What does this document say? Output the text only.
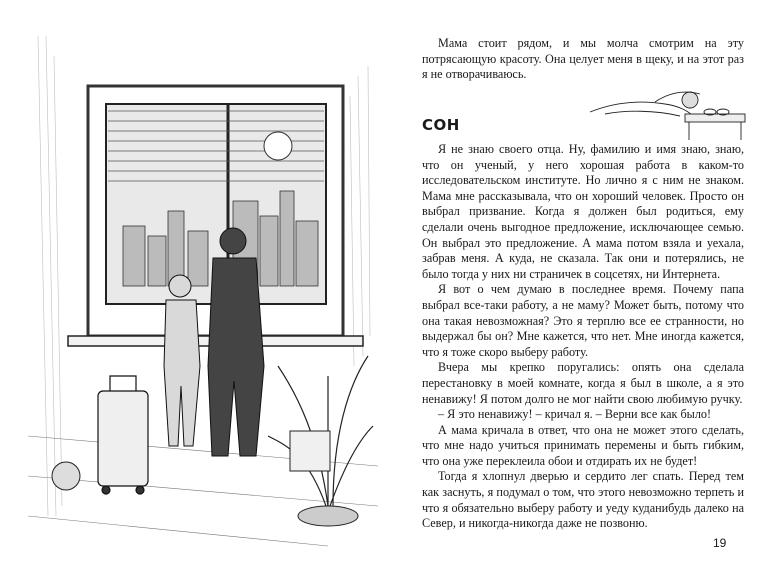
Мама стоит рядом, и мы молча смотрим на эту потрясающую красоту. Она целует меня в щеку, и на этот раз я не отворачиваюсь.

СОН

Я не знаю своего отца. Ну, фамилию и имя знаю, знаю, что он ученый, у него хорошая работа в каком-то исследовательском институте. Но лично я с ним не знаком. Мама мне рассказывала, что он хороший человек. Просто он выбрал призвание. Когда я должен был родиться, ему сделали очень выгодное предложение, исключающее семью. Он выбрал это предложение. А мама потом взяла и уехала, забрав меня. А куда, не сказала. Так они и потерялись, не было тогда у них ни страничек в соцсетях, ни Интернета.

Я вот о чем думаю в последнее время. Почему папа выбрал все-таки работу, а не маму? Может быть, потому что она такая невозможная? Это я терплю все ее странности, но выдержал бы он? Мне кажется, что нет. Мне иногда кажется, что я тоже скоро выберу работу.

Вчера мы крепко поругались: опять она сделала перестановку в моей комнате, когда я был в школе, а я это ненавижу! Я потом долго не мог найти свою любимую ручку.

– Я это ненавижу! – кричал я. – Верни все как было!

А мама кричала в ответ, что она не может этого сделать, что мне надо учиться принимать перемены и быть гибким, что она уже переклеила обои и отдирать их не будет!

Тогда я хлопнул дверью и сердито лег спать. Перед тем как заснуть, я подумал о том, что этого невозможно терпеть и что я обязательно выберу работу и уеду куданибудь далеко на Север, и никогда-никогда даже не позвоню.

19
